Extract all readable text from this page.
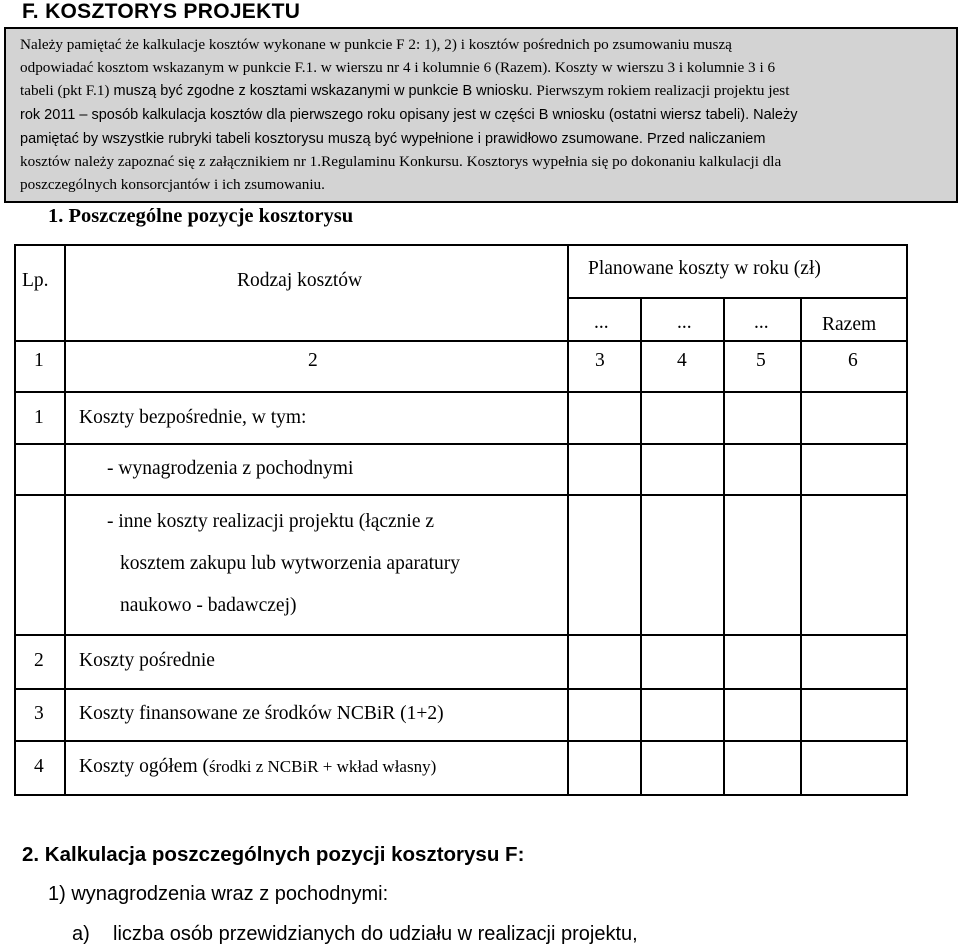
F. KOSZTORYS PROJEKTU
Należy pamiętać że kalkulacje kosztów wykonane w punkcie F 2: 1), 2) i kosztów pośrednich po zsumowaniu muszą
odpowiadać kosztom wskazanym w punkcie F.1. w wierszu nr 4 i kolumnie 6 (Razem). Koszty w wierszu 3 i kolumnie 3 i 6
tabeli (pkt F.1) muszą być zgodne z kosztami wskazanymi w punkcie B wniosku. Pierwszym rokiem realizacji projektu jest
rok 2011 – sposób kalkulacja kosztów dla pierwszego roku opisany jest w części B wniosku (ostatni wiersz tabeli). Należy
pamiętać by wszystkie rubryki tabeli kosztorysu muszą być wypełnione i prawidłowo zsumowane. Przed naliczaniem
kosztów należy zapoznać się z załącznikiem nr 1.Regulaminu Konkursu. Kosztorys wypełnia się po dokonaniu kalkulacji dla
poszczególnych konsorcjantów i ich zsumowaniu.
1. Poszczególne pozycje kosztorysu
Lp.	Rodzaj kosztów
Planowane koszty w roku (zł)
...	...	...	Razem
1	2	3	4	5	6
1 Koszty bezpośrednie, w tym:
- wynagrodzenia z pochodnymi
- inne koszty realizacji projektu (łącznie z
kosztem zakupu lub wytworzenia aparatury
naukowo - badawczej)
2 Koszty pośrednie
3 Koszty finansowane ze środków NCBiR (1+2)
4 Koszty ogółem (środki z NCBiR + wkład własny)
2. Kalkulacja poszczególnych pozycji kosztorysu F:
1) wynagrodzenia wraz z pochodnymi:
a) liczba osób przewidzianych do udziału w realizacji projektu,
